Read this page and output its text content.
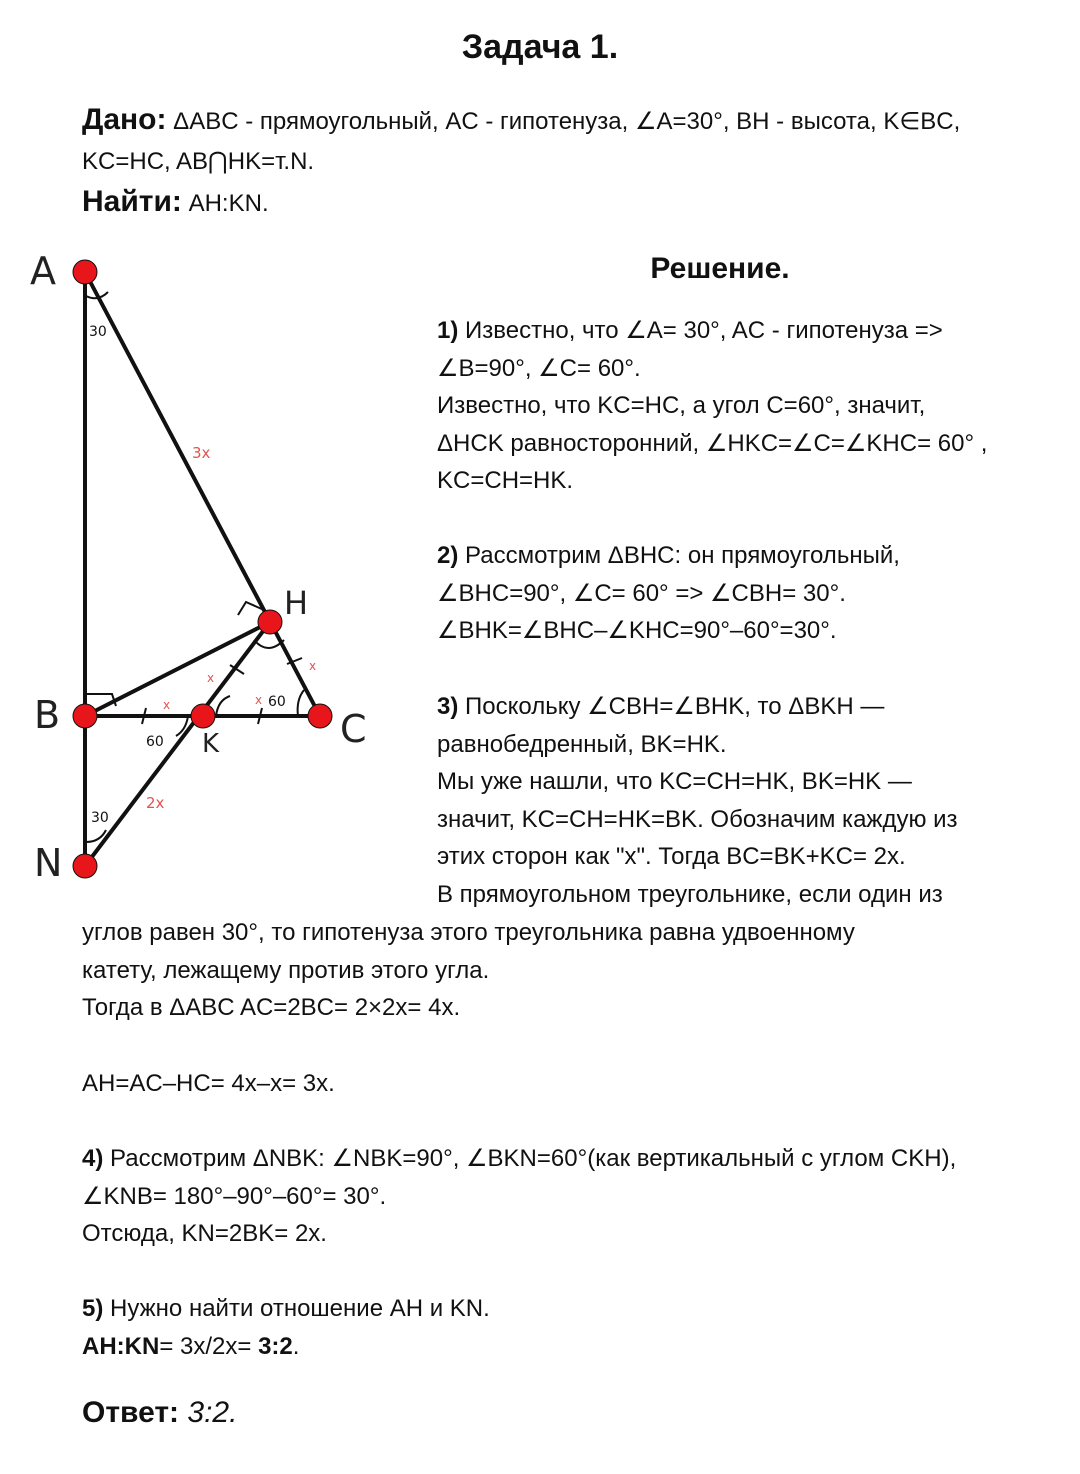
Задача 1.
Дано: ΔABC - прямоугольный, AC - гипотенуза, ∠A=30°, BH - высота, K∈BC,
KC=HC, AB⋂HK=т.N.
Найти: AH:KN.
30
30
60
60
3x
2x
x	x
x
x
A
B	C
H
N
K
Решение.
1) Известно, что ∠A= 30°, AC - гипотенуза =>
∠B=90°, ∠C= 60°.
Известно, что KC=HC, а угол C=60°, значит,
ΔHCK равносторонний, ∠HKC=∠C=∠KHC= 60° ,
KC=CH=HK.
2) Рассмотрим ΔBHC: он прямоугольный,
∠BHC=90°, ∠C= 60° => ∠CBH= 30°.
∠BHK=∠BHC–∠KHC=90°–60°=30°.
3) Поскольку ∠CBH=∠BHK, то ΔBKH —
равнобедренный, BK=HK.
Мы уже нашли, что KC=CH=HK, BK=HK —
значит, KC=CH=HK=BK. Обозначим каждую из
этих сторон как "x". Тогда BC=BK+KC= 2x.
В прямоугольном треугольнике, если один из
углов равен 30°, то гипотенуза этого треугольника равна удвоенному
катету, лежащему против этого угла.
Тогда в ΔABC AC=2BC= 2×2x= 4x.
AH=AC–HC= 4x–x= 3x.
4) Рассмотрим ΔNBK: ∠NBK=90°, ∠BKN=60°(как вертикальный с углом CKH),
∠KNB= 180°–90°–60°= 30°.
Отсюда, KN=2BK= 2x.
5) Нужно найти отношение AH и KN.
AH:KN= 3x/2x= 3:2.
Ответ: 3:2.
